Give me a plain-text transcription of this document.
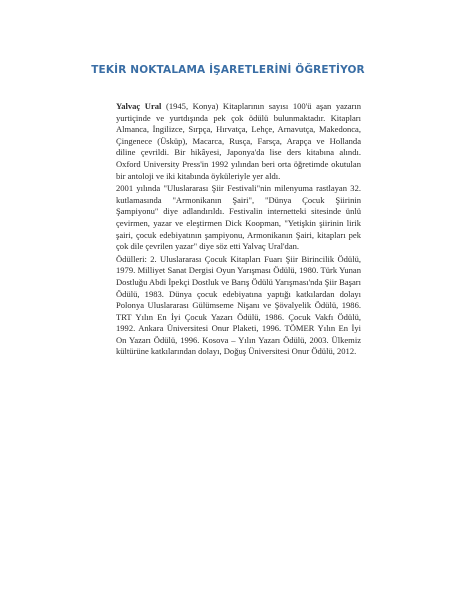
TEKİR NOKTALAMA İŞARETLERİNİ ÖĞRETİYOR

Yalvaç Ural (1945, Konya) Kitaplarının sayısı 100'ü aşan yazarın yurtiçinde ve yurtdışında pek çok ödülü bulunmaktadır. Kitapları Almanca, İngilizce, Sırpça, Hırvatça, Lehçe, Arnavutça, Makedonca, Çingenece (Üsküp), Macarca, Rusça, Farsça, Arapça ve Hollanda diline çevrildi. Bir hikâyesi, Japonya'da lise ders kitabına alındı. Oxford University Press'in 1992 yılından beri orta öğretimde okutulan bir antoloji ve iki kitabında öyküleriyle yer aldı.

2001 yılında "Uluslararası Şiir Festivali"nin milenyuma rastlayan 32. kutlamasında "Armonikanın Şairi", "Dünya Çocuk Şiirinin Şampiyonu" diye adlandırıldı. Festivalin internetteki sitesinde ünlü çevirmen, yazar ve eleştirmen Dick Koopman, "Yetişkin şiirinin lirik şairi, çocuk edebiyatının şampiyonu, Armonikanın Şairi, kitapları pek çok dile çevrilen yazar" diye söz etti Yalvaç Ural'dan.

Ödülleri: 2. Uluslararası Çocuk Kitapları Fuarı Şiir Birincilik Ödülü, 1979. Milliyet Sanat Dergisi Oyun Yarışması Ödülü, 1980. Türk Yunan Dostluğu Abdi İpekçi Dostluk ve Barış Ödülü Yarışması'nda Şiir Başarı Ödülü, 1983. Dünya çocuk edebiyatına yaptığı katkılardan dolayı Polonya Uluslararası Gülümseme Nişanı ve Şövalyelik Ödülü, 1986. TRT Yılın En İyi Çocuk Yazarı Ödülü, 1986. Çocuk Vakfı Ödülü, 1992. Ankara Üniversitesi Onur Plaketi, 1996. TÖMER Yılın En İyi On Yazarı Ödülü, 1996. Kosova – Yılın Yazarı Ödülü, 2003. Ülkemiz kültürüne katkılarından dolayı, Doğuş Üniversitesi Onur Ödülü, 2012.
